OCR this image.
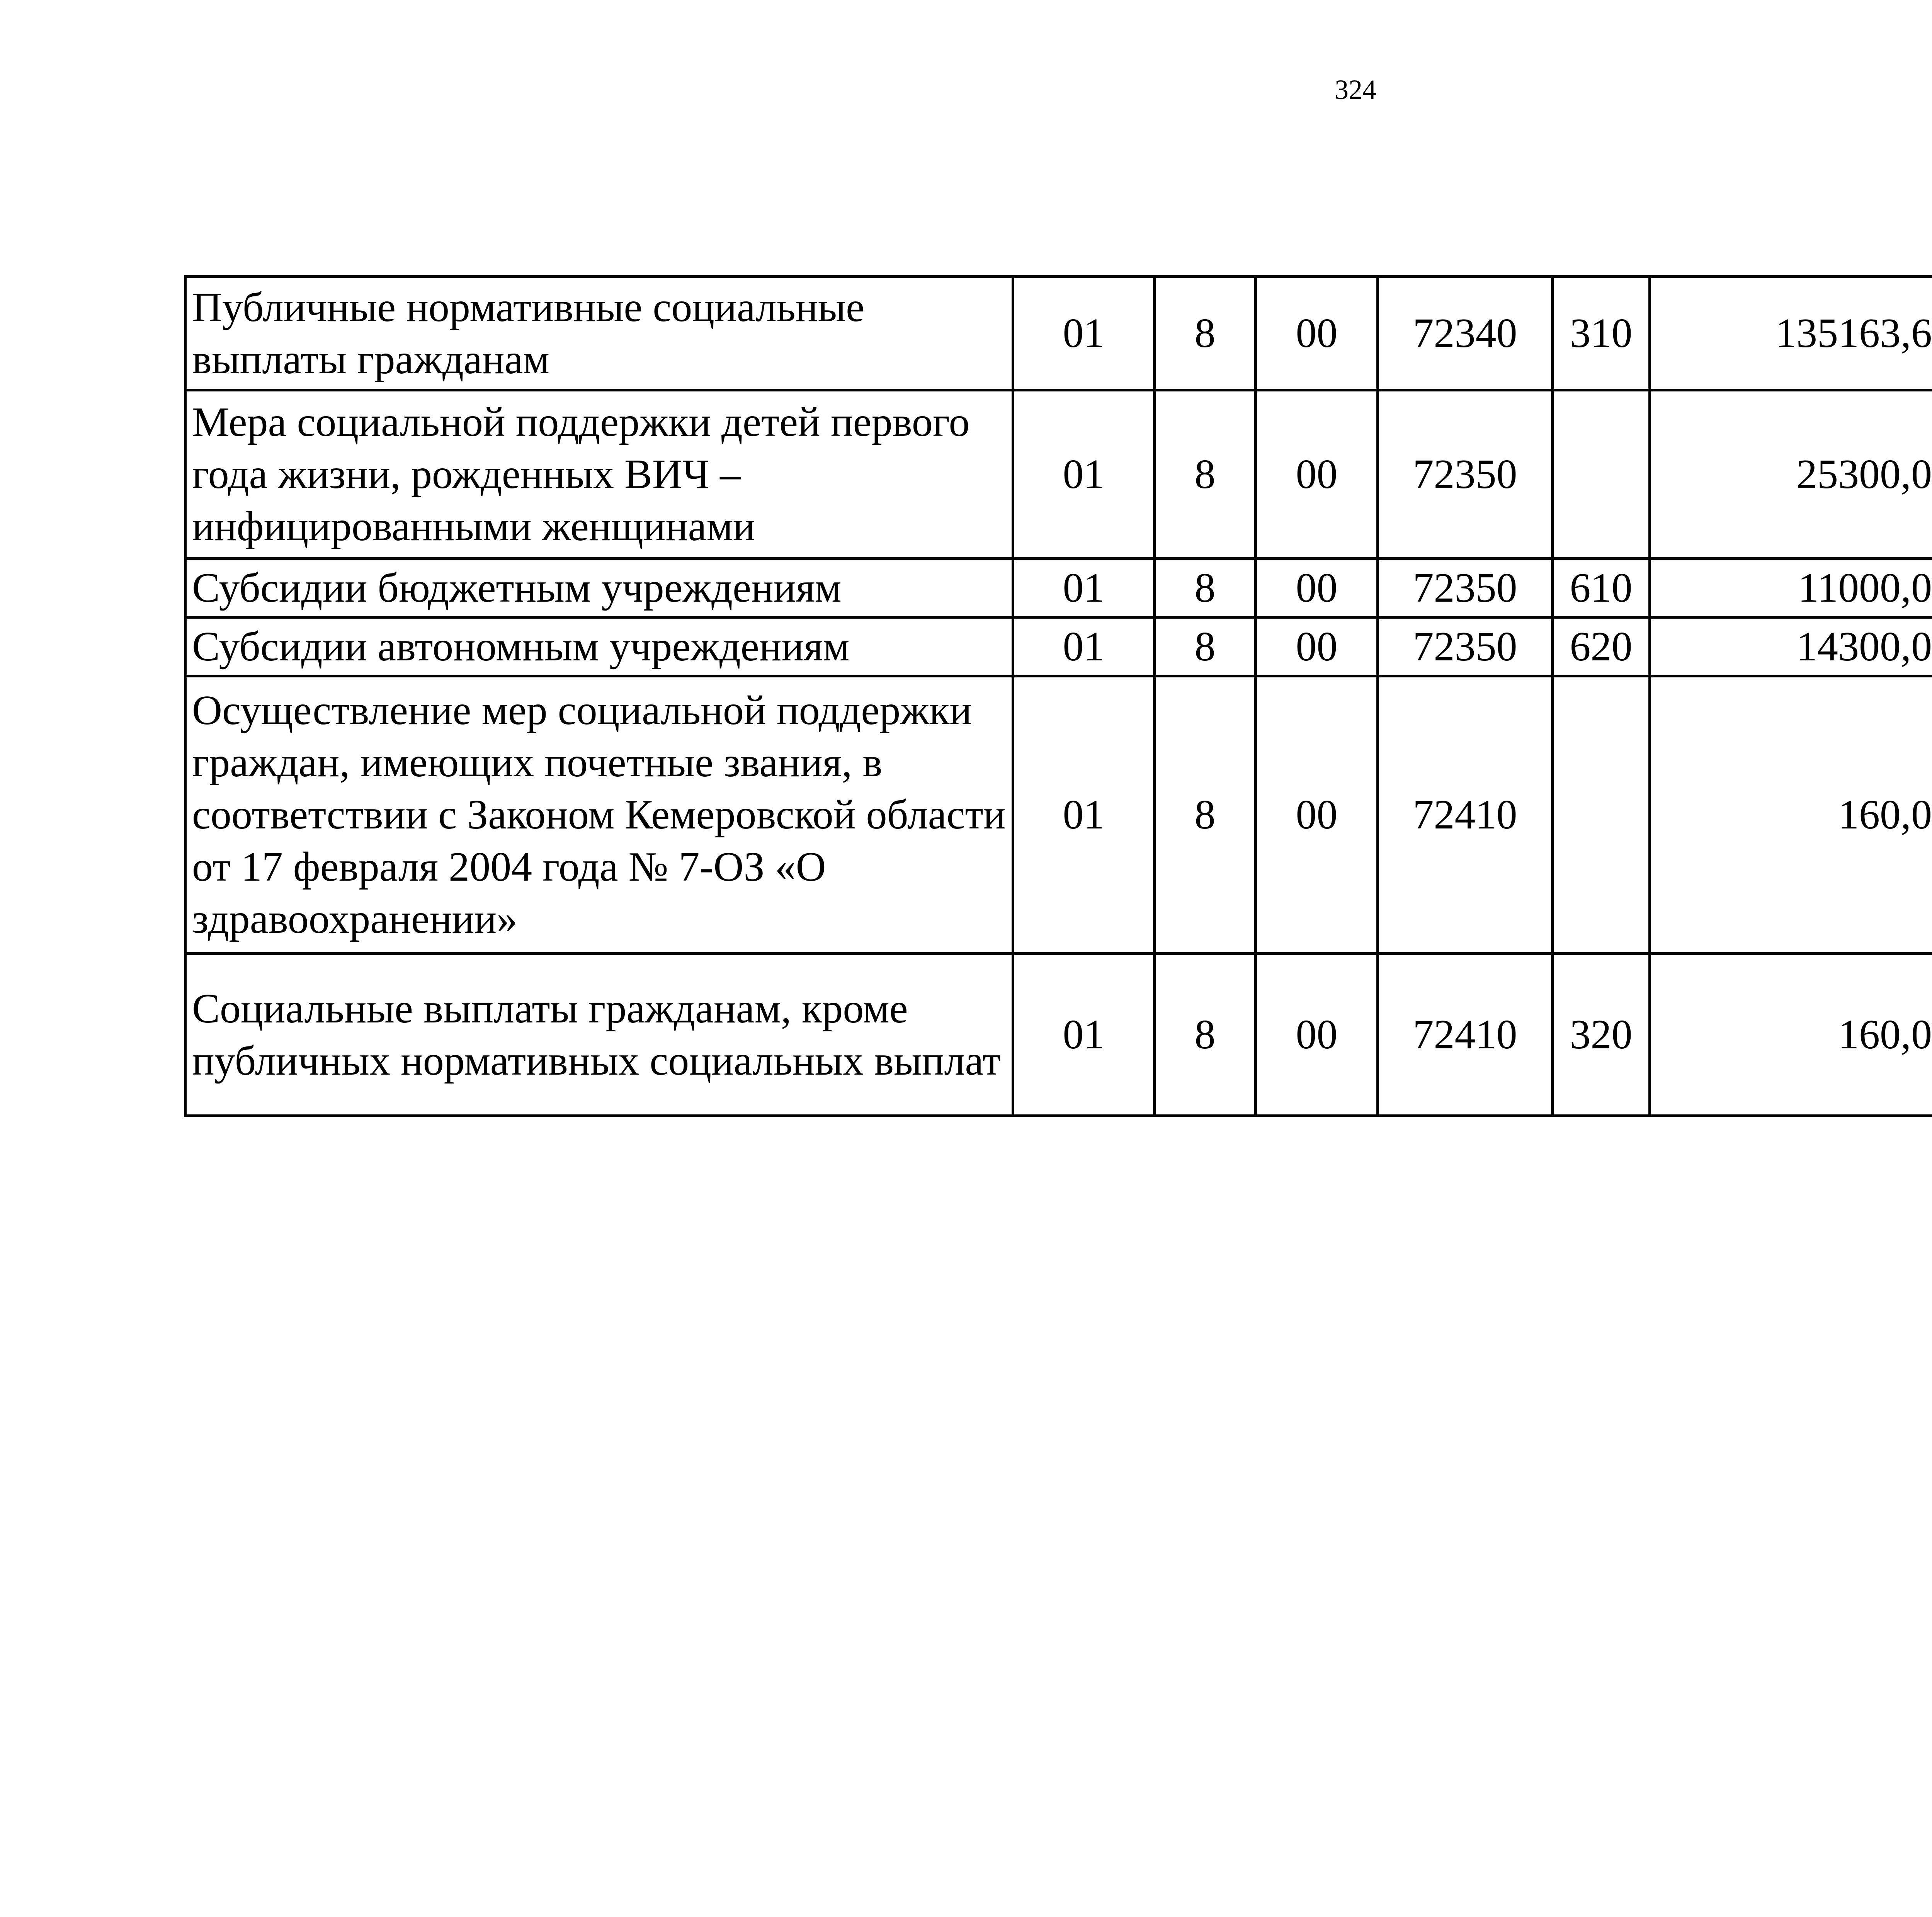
324
Публичные нормативные социальные выплаты гражданам	01	8	00	72340	310	135163,6		
Мера социальной поддержки детей первого года жизни, рожденных ВИЧ – инфицированными женщинами	01	8	00	72350		25300,0		
Субсидии бюджетным учреждениям	01	8	00	72350	610	11000,0		
Субсидии автономным учреждениям	01	8	00	72350	620	14300,0		
Осуществление мер социальной поддержки граждан, имеющих почетные звания, в соответствии с Законом Кемеровской области от 17 февраля 2004 года № 7-ОЗ «О здравоохранении»	01	8	00	72410		160,0		
Социальные выплаты гражданам, кроме публичных нормативных социальных выплат	01	8	00	72410	320	160,0		
